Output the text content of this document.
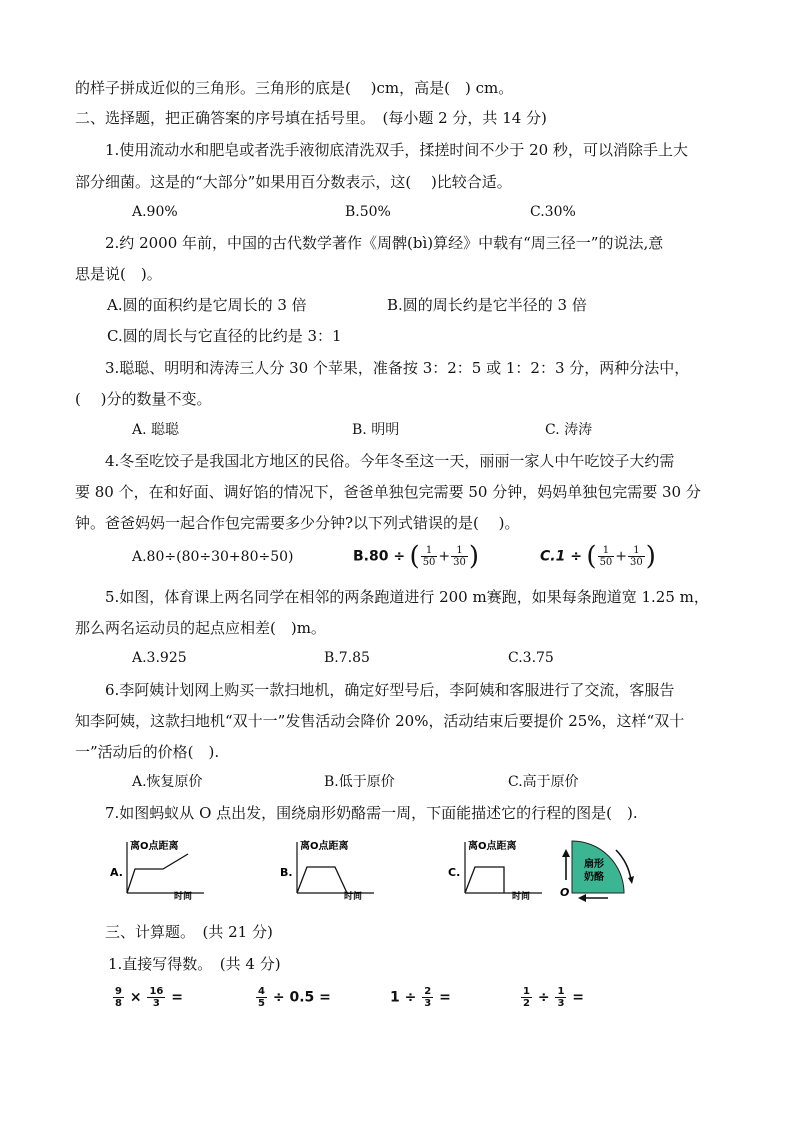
的样子拼成近似的三角形。三角形的底是(　 )cm，高是(　) cm。
二、选择题，把正确答案的序号填在括号里。　(每小题 2 分，共 14 分)
1.使用流动水和肥皂或者洗手液彻底清洗双手，揉搓时间不少于 20 秒，可以消除手上大
部分细菌。这是的“大部分”如果用百分数表示，这(　 )比较合适。
A.90%	B.50%	C.30%
2.约 2000 年前，中国的古代数学著作《周髀(bì)算经》中载有“周三径一”的说法,意
思是说(　)。
A.圆的面积约是它周长的 3 倍	B.圆的周长约是它半径的 3 倍
C.圆的周长与它直径的比约是 3：1
3.聪聪、明明和涛涛三人分 30 个苹果，准备按 3：2：5 或 1：2：3 分，两种分法中，
(　 )分的数量不变。
A. 聪聪	B. 明明	C. 涛涛
4.冬至吃饺子是我国北方地区的民俗。今年冬至这一天，丽丽一家人中午吃饺子大约需
要 80 个，在和好面、调好馅的情况下，爸爸单独包完需要 50 分钟，妈妈单独包完需要 30 分
钟。爸爸妈妈一起合作包完需要多少分钟?以下列式错误的是(　 )。
A.80÷(80÷30+80÷50)	B.80 ÷ ( $\frac{1}{50} + \frac{1}{30}$ )	C.1 ÷ ( $\frac{1}{50} + \frac{1}{30}$ )
5.如图，体育课上两名同学在相邻的两条跑道进行 200 m赛跑，如果每条跑道宽 1.25 m，
那么两名运动员的起点应相差(　)m。
A.3.925	B.7.85	C.3.75
6.李阿姨计划网上购买一款扫地机，确定好型号后，李阿姨和客服进行了交流，客服告
知李阿姨，这款扫地机“双十一”发售活动会降价 20%，活动结束后要提价 25%，这样“双十
一”活动后的价格(　).
A.恢复原价	B.低于原价	C.高于原价
7.如图蚂蚁从 O 点出发，围绕扇形奶酪需一周，下面能描述它的行程的图是(　).
A.
离O点距离
时间
B.
离O点距离
时间
C.
离O点距离
时间	O
扇形
奶酪
三、计算题。　(共 21 分)
1.直接写得数。　(共 4 分)
$\frac{9}{8} \times \frac{16}{3}$ =	$\frac{4}{5} \div 0.5$ =	$1 \div \frac{2}{3}$ =	$\frac{1}{2} \div \frac{1}{3}$ =
